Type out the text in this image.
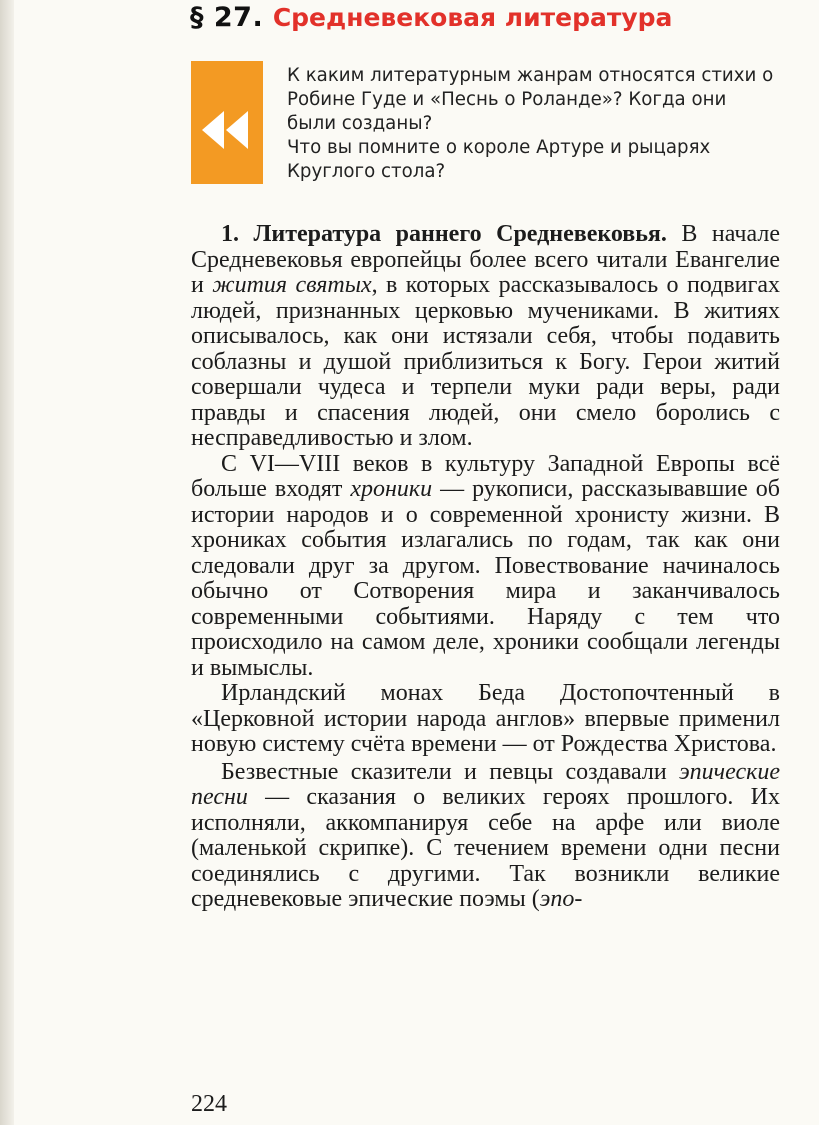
§ 27. Средневековая литература

К каким литературным жанрам относятся стихи о Робине Гуде и «Песнь о Роланде»? Когда они были созданы?

Что вы помните о короле Артуре и рыцарях Круглого стола?

1. Литература раннего Средневековья. В начале Средневековья европейцы более всего читали Евангелие и жития святых, в которых рассказывалось о подвигах людей, признанных церковью мучениками. В житиях описывалось, как они истязали себя, чтобы подавить соблазны и душой приблизиться к Богу. Герои житий совершали чудеса и терпели муки ради веры, ради правды и спасения людей, они смело боролись с несправедливостью и злом.

С VI—VIII веков в культуру Западной Европы всё больше входят хроники — рукописи, рассказывавшие об истории народов и о современной хронисту жизни. В хрониках события излагались по годам, так как они следовали друг за другом. Повествование начиналось обычно от Сотворения мира и заканчивалось современными событиями. Наряду с тем что происходило на самом деле, хроники сообщали легенды и вымыслы.

Ирландский монах Беда Достопочтенный в «Церковной истории народа англов» впервые применил новую систему счёта времени — от Рождества Христова.

Безвестные сказители и певцы создавали эпические песни — сказания о великих героях прошлого. Их исполняли, аккомпанируя себе на арфе или виоле (маленькой скрипке). С течением времени одни песни соединялись с другими. Так возникли великие средневековые эпические поэмы (эпо-

224
